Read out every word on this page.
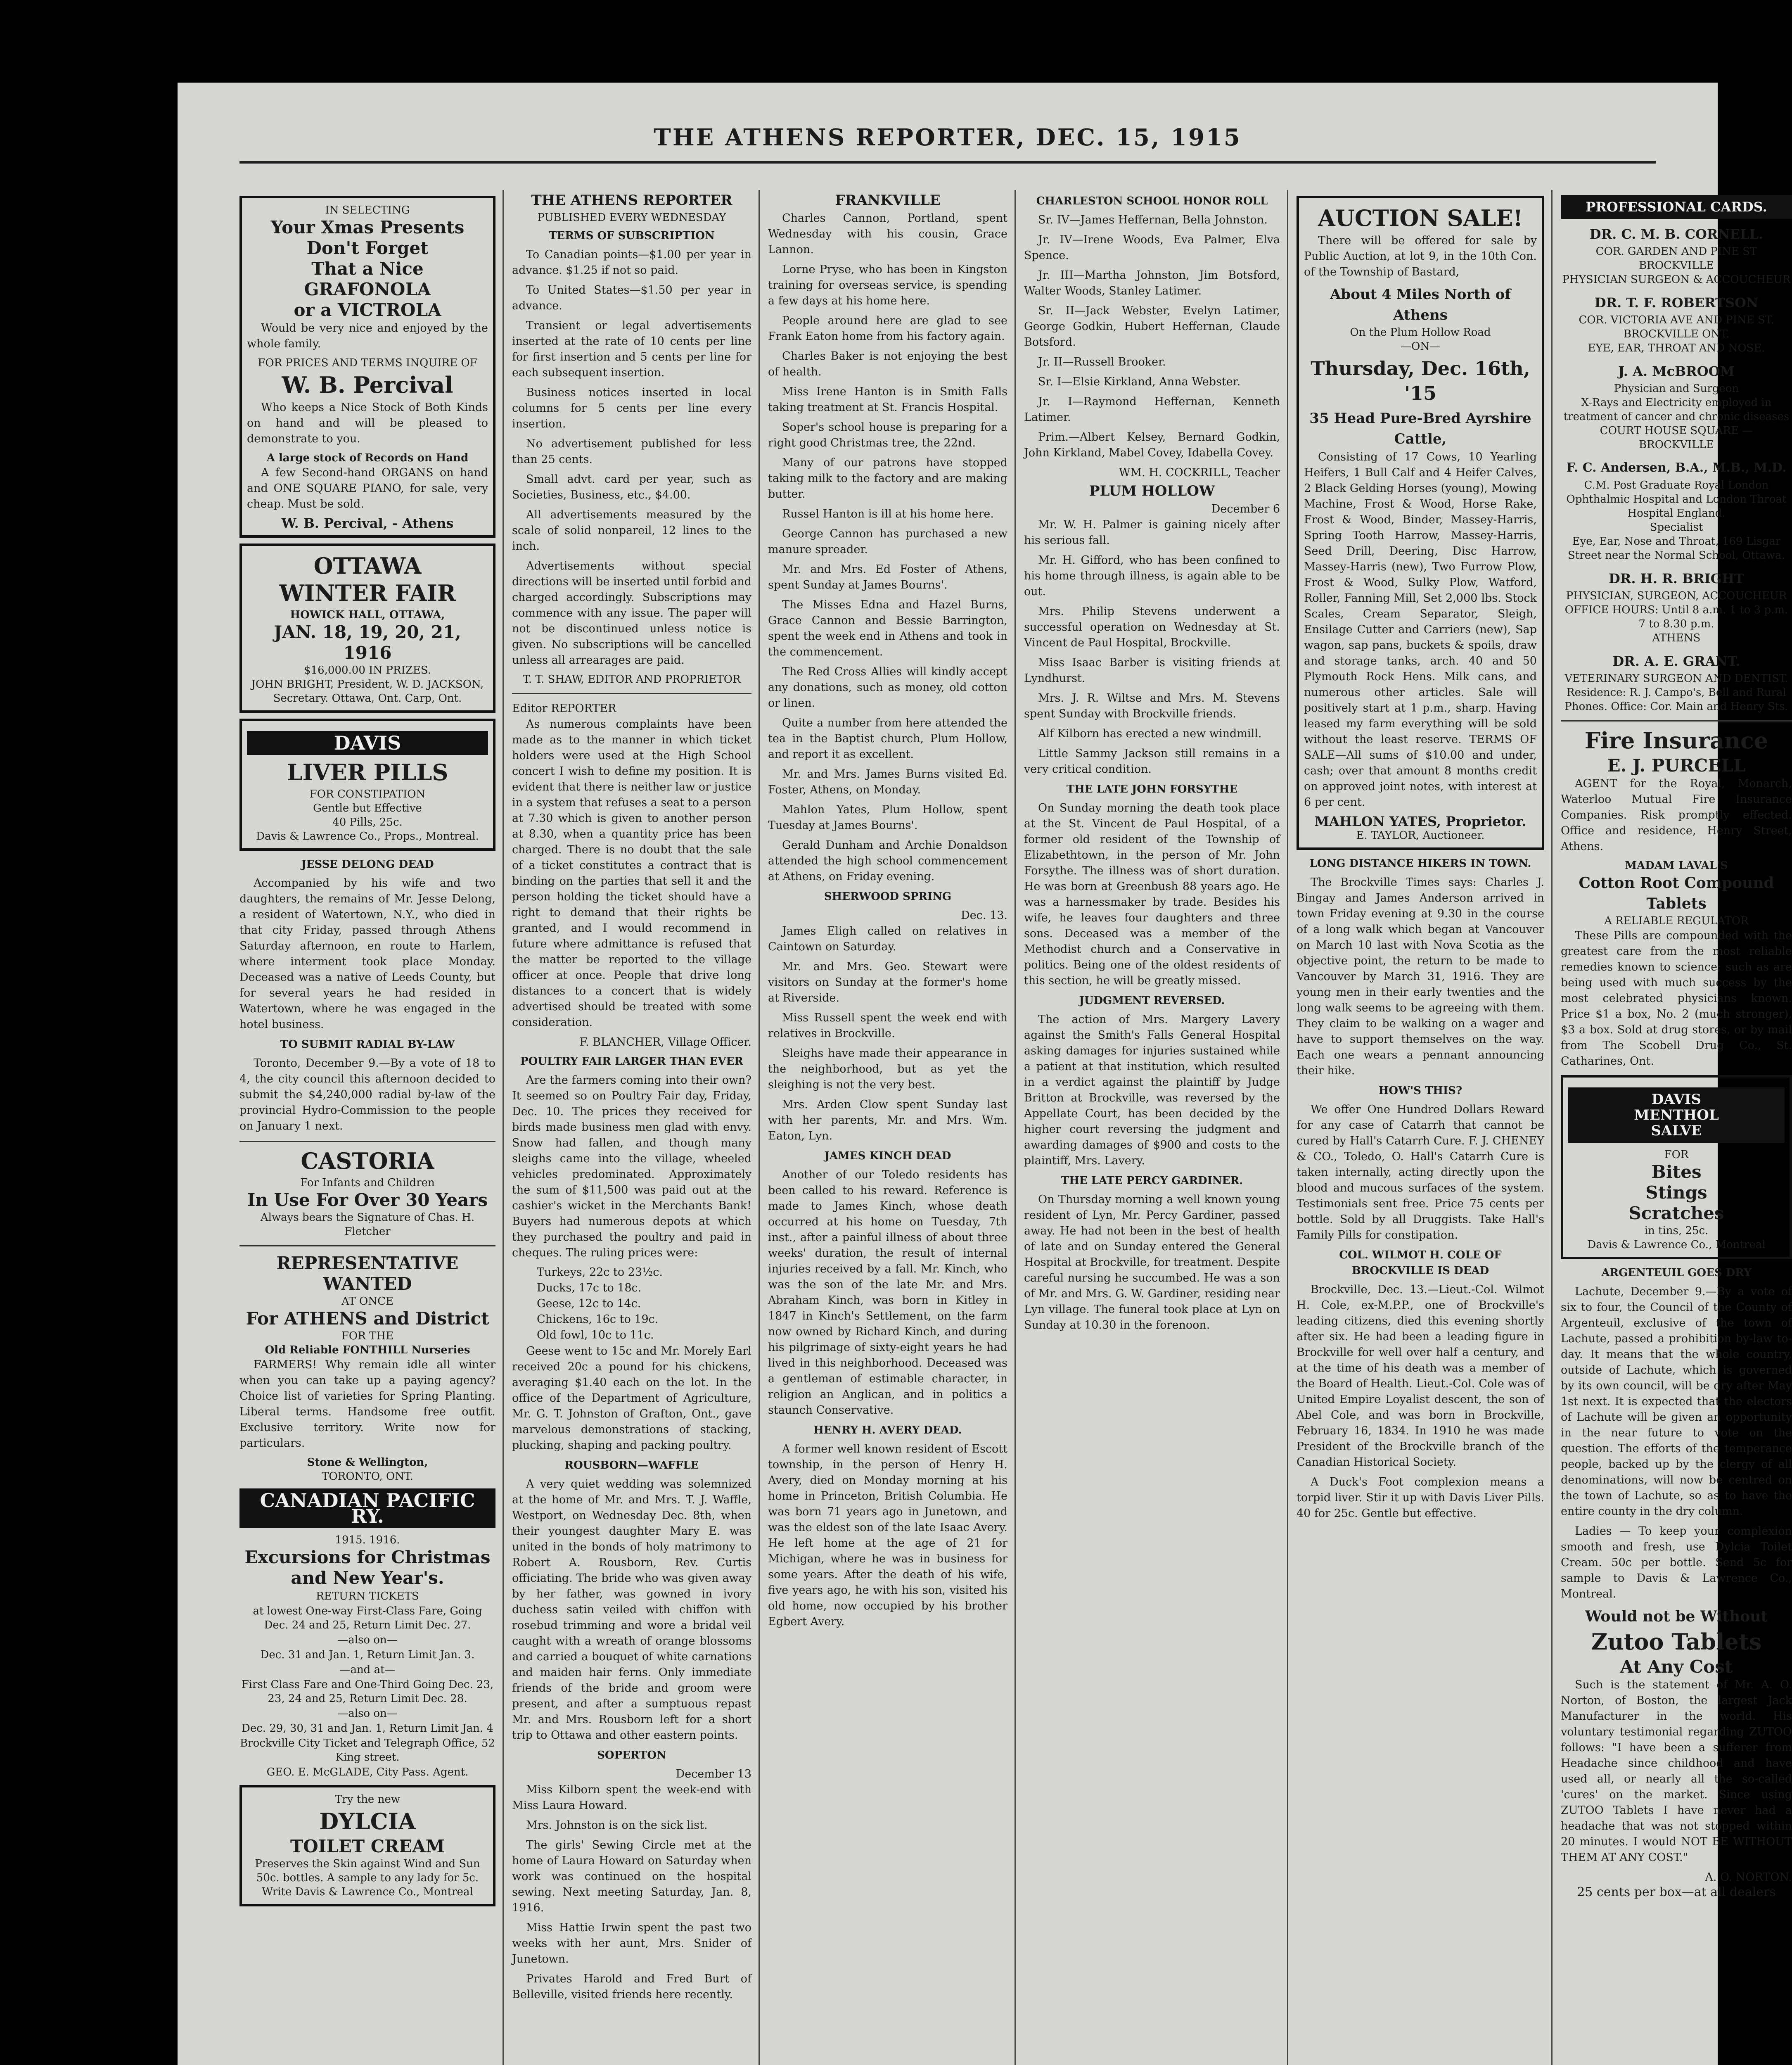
THE ATHENS REPORTER, DEC. 15, 1915
IN SELECTING
Your Xmas Presents
Don't Forget
That a Nice GRAFONOLA
or a VICTROLA

Would be very nice and enjoyed by the whole family.

FOR PRICES AND TERMS INQUIRE OF
W. B. Percival

Who keeps a Nice Stock of Both Kinds on hand and will be pleased to demonstrate to you.

A large stock of Records on Hand

A few Second-hand ORGANS on hand and ONE SQUARE PIANO, for sale, very cheap. Must be sold.

W. B. Percival, - Athens
OTTAWA
WINTER FAIR
HOWICK HALL, OTTAWA,
JAN. 18, 19, 20, 21, 1916
$16,000.00 IN PRIZES.
JOHN BRIGHT, President, W. D. JACKSON, Secretary. Ottawa, Ont. Carp, Ont.
DAVIS
LIVER PILLS
FOR CONSTIPATION
Gentle but Effective
40 Pills, 25c.
Davis & Lawrence Co., Props., Montreal.
JESSE DELONG DEAD

Accompanied by his wife and two daughters, the remains of Mr. Jesse Delong, a resident of Watertown, N.Y., who died in that city Friday, passed through Athens Saturday afternoon, en route to Harlem, where interment took place Monday. Deceased was a native of Leeds County, but for several years he had resided in Watertown, where he was engaged in the hotel business.

TO SUBMIT RADIAL BY-LAW

Toronto, December 9.—By a vote of 18 to 4, the city council this afternoon decided to submit the $4,240,000 radial by-law of the provincial Hydro-Commission to the people on January 1 next.

CASTORIA
For Infants and Children
In Use For Over 30 Years
Always bears the Signature of Chas. H. Fletcher
REPRESENTATIVE WANTED
AT ONCE
For ATHENS and District
FOR THE
Old Reliable FONTHILL Nurseries

FARMERS! Why remain idle all winter when you can take up a paying agency? Choice list of varieties for Spring Planting. Liberal terms. Handsome free outfit. Exclusive territory. Write now for particulars.

Stone & Wellington,
TORONTO, ONT.
CANADIAN PACIFIC RY.
1915. 1916.
Excursions for Christmas and New Year's.
RETURN TICKETS
at lowest One-way First-Class Fare, Going Dec. 24 and 25, Return Limit Dec. 27.
—also on—
Dec. 31 and Jan. 1, Return Limit Jan. 3.
—and at—
First Class Fare and One-Third Going Dec. 23, 23, 24 and 25, Return Limit Dec. 28.
—also on—
Dec. 29, 30, 31 and Jan. 1, Return Limit Jan. 4
Brockville City Ticket and Telegraph Office, 52 King street.
GEO. E. McGLADE, City Pass. Agent.
Try the new
DYLCIA
TOILET CREAM
Preserves the Skin against Wind and Sun
50c. bottles. A sample to any lady for 5c. Write Davis & Lawrence Co., Montreal
THE ATHENS REPORTER
PUBLISHED EVERY WEDNESDAY
TERMS OF SUBSCRIPTION

To Canadian points—$1.00 per year in advance. $1.25 if not so paid.

To United States—$1.50 per year in advance.

Transient or legal advertisements inserted at the rate of 10 cents per line for first insertion and 5 cents per line for each subsequent insertion.

Business notices inserted in local columns for 5 cents per line every insertion.

No advertisement published for less than 25 cents.

Small advt. card per year, such as Societies, Business, etc., $4.00.

All advertisements measured by the scale of solid nonpareil, 12 lines to the inch.

Advertisements without special directions will be inserted until forbid and charged accordingly. Subscriptions may commence with any issue. The paper will not be discontinued unless notice is given. No subscriptions will be cancelled unless all arrearages are paid.

T. T. SHAW, EDITOR AND PROPRIETOR
Editor REPORTER

As numerous complaints have been made as to the manner in which ticket holders were used at the High School concert I wish to define my position. It is evident that there is neither law or justice in a system that refuses a seat to a person at 7.30 which is given to another person at 8.30, when a quantity price has been charged. There is no doubt that the sale of a ticket constitutes a contract that is binding on the parties that sell it and the person holding the ticket should have a right to demand that their rights be granted, and I would recommend in future where admittance is refused that the matter be reported to the village officer at once. People that drive long distances to a concert that is widely advertised should be treated with some consideration.

F. BLANCHER, Village Officer.
POULTRY FAIR LARGER THAN EVER

Are the farmers coming into their own? It seemed so on Poultry Fair day, Friday, Dec. 10. The prices they received for birds made business men glad with envy. Snow had fallen, and though many sleighs came into the village, wheeled vehicles predominated. Approximately the sum of $11,500 was paid out at the cashier's wicket in the Merchants Bank! Buyers had numerous depots at which they purchased the poultry and paid in cheques. The ruling prices were:

Turkeys, 22c to 23½c.
Ducks, 17c to 18c.
Geese, 12c to 14c.
Chickens, 16c to 19c.
Old fowl, 10c to 11c.

Geese went to 15c and Mr. Morely Earl received 20c a pound for his chickens, averaging $1.40 each on the lot. In the office of the Department of Agriculture, Mr. G. T. Johnston of Grafton, Ont., gave marvelous demonstrations of stacking, plucking, shaping and packing poultry.

ROUSBORN—WAFFLE

A very quiet wedding was solemnized at the home of Mr. and Mrs. T. J. Waffle, Westport, on Wednesday Dec. 8th, when their youngest daughter Mary E. was united in the bonds of holy matrimony to Robert A. Rousborn, Rev. Curtis officiating. The bride who was given away by her father, was gowned in ivory duchess satin veiled with chiffon with rosebud trimming and wore a bridal veil caught with a wreath of orange blossoms and carried a bouquet of white carnations and maiden hair ferns. Only immediate friends of the bride and groom were present, and after a sumptuous repast Mr. and Mrs. Rousborn left for a short trip to Ottawa and other eastern points.

SOPERTON
December 13

Miss Kilborn spent the week-end with Miss Laura Howard.

Mrs. Johnston is on the sick list.

The girls' Sewing Circle met at the home of Laura Howard on Saturday when work was continued on the hospital sewing. Next meeting Saturday, Jan. 8, 1916.

Miss Hattie Irwin spent the past two weeks with her aunt, Mrs. Snider of Junetown.

Privates Harold and Fred Burt of Belleville, visited friends here recently.

FRANKVILLE

Charles Cannon, Portland, spent Wednesday with his cousin, Grace Lannon.

Lorne Pryse, who has been in Kingston training for overseas service, is spending a few days at his home here.

People around here are glad to see Frank Eaton home from his factory again.

Charles Baker is not enjoying the best of health.

Miss Irene Hanton is in Smith Falls taking treatment at St. Francis Hospital.

Soper's school house is preparing for a right good Christmas tree, the 22nd.

Many of our patrons have stopped taking milk to the factory and are making butter.

Russel Hanton is ill at his home here.

George Cannon has purchased a new manure spreader.

Mr. and Mrs. Ed Foster of Athens, spent Sunday at James Bourns'.

The Misses Edna and Hazel Burns, Grace Cannon and Bessie Barrington, spent the week end in Athens and took in the commencement.

The Red Cross Allies will kindly accept any donations, such as money, old cotton or linen.

Quite a number from here attended the tea in the Baptist church, Plum Hollow, and report it as excellent.

Mr. and Mrs. James Burns visited Ed. Foster, Athens, on Monday.

Mahlon Yates, Plum Hollow, spent Tuesday at James Bourns'.

Gerald Dunham and Archie Donaldson attended the high school commencement at Athens, on Friday evening.

SHERWOOD SPRING
Dec. 13.

James Eligh called on relatives in Caintown on Saturday.

Mr. and Mrs. Geo. Stewart were visitors on Sunday at the former's home at Riverside.

Miss Russell spent the week end with relatives in Brockville.

Sleighs have made their appearance in the neighborhood, but as yet the sleighing is not the very best.

Mrs. Arden Clow spent Sunday last with her parents, Mr. and Mrs. Wm. Eaton, Lyn.

JAMES KINCH DEAD

Another of our Toledo residents has been called to his reward. Reference is made to James Kinch, whose death occurred at his home on Tuesday, 7th inst., after a painful illness of about three weeks' duration, the result of internal injuries received by a fall. Mr. Kinch, who was the son of the late Mr. and Mrs. Abraham Kinch, was born in Kitley in 1847 in Kinch's Settlement, on the farm now owned by Richard Kinch, and during his pilgrimage of sixty-eight years he had lived in this neighborhood. Deceased was a gentleman of estimable character, in religion an Anglican, and in politics a staunch Conservative.

HENRY H. AVERY DEAD.

A former well known resident of Escott township, in the person of Henry H. Avery, died on Monday morning at his home in Princeton, British Columbia. He was born 71 years ago in Junetown, and was the eldest son of the late Isaac Avery. He left home at the age of 21 for Michigan, where he was in business for some years. After the death of his wife, five years ago, he with his son, visited his old home, now occupied by his brother Egbert Avery.

CHARLESTON SCHOOL HONOR ROLL

Sr. IV—James Heffernan, Bella Johnston.

Jr. IV—Irene Woods, Eva Palmer, Elva Spence.

Jr. III—Martha Johnston, Jim Botsford, Walter Woods, Stanley Latimer.

Sr. II—Jack Webster, Evelyn Latimer, George Godkin, Hubert Heffernan, Claude Botsford.

Jr. II—Russell Brooker.

Sr. I—Elsie Kirkland, Anna Webster.

Jr. I—Raymond Heffernan, Kenneth Latimer.

Prim.—Albert Kelsey, Bernard Godkin, John Kirkland, Mabel Covey, Idabella Covey.

WM. H. COCKRILL, Teacher
PLUM HOLLOW
December 6

Mr. W. H. Palmer is gaining nicely after his serious fall.

Mr. H. Gifford, who has been confined to his home through illness, is again able to be out.

Mrs. Philip Stevens underwent a successful operation on Wednesday at St. Vincent de Paul Hospital, Brockville.

Miss Isaac Barber is visiting friends at Lyndhurst.

Mrs. J. R. Wiltse and Mrs. M. Stevens spent Sunday with Brockville friends.

Alf Kilborn has erected a new windmill.

Little Sammy Jackson still remains in a very critical condition.

THE LATE JOHN FORSYTHE

On Sunday morning the death took place at the St. Vincent de Paul Hospital, of a former old resident of the Township of Elizabethtown, in the person of Mr. John Forsythe. The illness was of short duration. He was born at Greenbush 88 years ago. He was a harnessmaker by trade. Besides his wife, he leaves four daughters and three sons. Deceased was a member of the Methodist church and a Conservative in politics. Being one of the oldest residents of this section, he will be greatly missed.

JUDGMENT REVERSED.

The action of Mrs. Margery Lavery against the Smith's Falls General Hospital asking damages for injuries sustained while a patient at that institution, which resulted in a verdict against the plaintiff by Judge Britton at Brockville, was reversed by the Appellate Court, has been decided by the higher court reversing the judgment and awarding damages of $900 and costs to the plaintiff, Mrs. Lavery.

THE LATE PERCY GARDINER.

On Thursday morning a well known young resident of Lyn, Mr. Percy Gardiner, passed away. He had not been in the best of health of late and on Sunday entered the General Hospital at Brockville, for treatment. Despite careful nursing he succumbed. He was a son of Mr. and Mrs. G. W. Gardiner, residing near Lyn village. The funeral took place at Lyn on Sunday at 10.30 in the forenoon.

AUCTION SALE!

There will be offered for sale by Public Auction, at lot 9, in the 10th Con. of the Township of Bastard,

About 4 Miles North of Athens
On the Plum Hollow Road
—ON—
Thursday, Dec. 16th, '15
35 Head Pure-Bred Ayrshire Cattle,

Consisting of 17 Cows, 10 Yearling Heifers, 1 Bull Calf and 4 Heifer Calves, 2 Black Gelding Horses (young), Mowing Machine, Frost & Wood, Horse Rake, Frost & Wood, Binder, Massey-Harris, Spring Tooth Harrow, Massey-Harris, Seed Drill, Deering, Disc Harrow, Massey-Harris (new), Two Furrow Plow, Frost & Wood, Sulky Plow, Watford, Roller, Fanning Mill, Set 2,000 lbs. Stock Scales, Cream Separator, Sleigh, Ensilage Cutter and Carriers (new), Sap wagon, sap pans, buckets & spoils, draw and storage tanks, arch. 40 and 50 Plymouth Rock Hens. Milk cans, and numerous other articles. Sale will positively start at 1 p.m., sharp. Having leased my farm everything will be sold without the least reserve. TERMS OF SALE—All sums of $10.00 and under, cash; over that amount 8 months credit on approved joint notes, with interest at 6 per cent.

MAHLON YATES, Proprietor.
E. TAYLOR, Auctioneer.
LONG DISTANCE HIKERS IN TOWN.

The Brockville Times says: Charles J. Bingay and James Anderson arrived in town Friday evening at 9.30 in the course of a long walk which began at Vancouver on March 10 last with Nova Scotia as the objective point, the return to be made to Vancouver by March 31, 1916. They are young men in their early twenties and the long walk seems to be agreeing with them. They claim to be walking on a wager and have to support themselves on the way. Each one wears a pennant announcing their hike.

HOW'S THIS?

We offer One Hundred Dollars Reward for any case of Catarrh that cannot be cured by Hall's Catarrh Cure. F. J. CHENEY & CO., Toledo, O. Hall's Catarrh Cure is taken internally, acting directly upon the blood and mucous surfaces of the system. Testimonials sent free. Price 75 cents per bottle. Sold by all Druggists. Take Hall's Family Pills for constipation.

COL. WILMOT H. COLE OF BROCKVILLE IS DEAD

Brockville, Dec. 13.—Lieut.-Col. Wilmot H. Cole, ex-M.P.P., one of Brockville's leading citizens, died this evening shortly after six. He had been a leading figure in Brockville for well over half a century, and at the time of his death was a member of the Board of Health. Lieut.-Col. Cole was of United Empire Loyalist descent, the son of Abel Cole, and was born in Brockville, February 16, 1834. In 1910 he was made President of the Brockville branch of the Canadian Historical Society.

A Duck's Foot complexion means a torpid liver. Stir it up with Davis Liver Pills. 40 for 25c. Gentle but effective.

PROFESSIONAL CARDS.
DR. C. M. B. CORNELL.
COR. GARDEN AND PINE ST
BROCKVILLE
PHYSICIAN SURGEON & ACCOUCHEUR
DR. T. F. ROBERTSON
COR. VICTORIA AVE AND PINE ST. BROCKVILLE ONT.
EYE, EAR, THROAT AND NOSE.
J. A. McBROOM
Physician and Surgeon
X-Rays and Electricity employed in treatment of cancer and chronic diseases
COURT HOUSE SQUARE — BROCKVILLE
F. C. Andersen, B.A., M.B., M.D.
C.M. Post Graduate Royal London Ophthalmic Hospital and London Throat Hospital England.
Specialist
Eye, Ear, Nose and Throat, 169 Lisgar Street near the Normal School, Ottawa.
DR. H. R. BRIGHT
PHYSICIAN, SURGEON, ACCOUCHEUR
OFFICE HOURS: Until 8 a.m. 1 to 3 p.m. 7 to 8.30 p.m.
ATHENS
DR. A. E. GRANT.
VETERINARY SURGEON AND DENTIST.
Residence: R. J. Campo's, Bell and Rural Phones. Office: Cor. Main and Henry Sts.
Fire Insurance
E. J. PURCELL

AGENT for the Royal, Monarch, Waterloo Mutual Fire Insurance Companies. Risk promptly effected. Office and residence, Henry Street, Athens.

MADAM LAVAL'S
Cotton Root Compound Tablets
A RELIABLE REGULATOR

These Pills are compounded with the greatest care from the most reliable remedies known to science; such as are being used with much success by the most celebrated physicians known. Price $1 a box, No. 2 (much stronger), $3 a box. Sold at drug stores, or by mail from The Scobell Drug Co., St. Catharines, Ont.

DAVIS
MENTHOL
SALVE
FOR
Bites
Stings
Scratches
in tins, 25c.
Davis & Lawrence Co., Montreal
ARGENTEUIL GOES DRY

Lachute, December 9.—By a vote of six to four, the Council of the County of Argenteuil, exclusive of the town of Lachute, passed a prohibition by-law to-day. It means that the whole country, outside of Lachute, which is governed by its own council, will be dry after May 1st next. It is expected that the electors of Lachute will be given an opportunity in the near future to vote on the question. The efforts of the temperance people, backed up by the clergy of all denominations, will now be centred on the town of Lachute, so as to have the entire county in the dry column.

Ladies — To keep your complexion smooth and fresh, use Dylcia Toilet Cream. 50c per bottle. Send 5c for sample to Davis & Lawrence Co., Montreal.

Would not be Without
Zutoo Tablets
At Any Cost

Such is the statement of Mr. A. O. Norton, of Boston, the largest Jack Manufacturer in the world. His voluntary testimonial regarding ZUTOO follows: "I have been a sufferer from Headache since childhood and have used all, or nearly all the so-called 'cures' on the market. Since using ZUTOO Tablets I have never had a headache that was not stopped within 20 minutes. I would NOT BE WITHOUT THEM AT ANY COST."

A. O. NORTON.
25 cents per box—at all dealers
